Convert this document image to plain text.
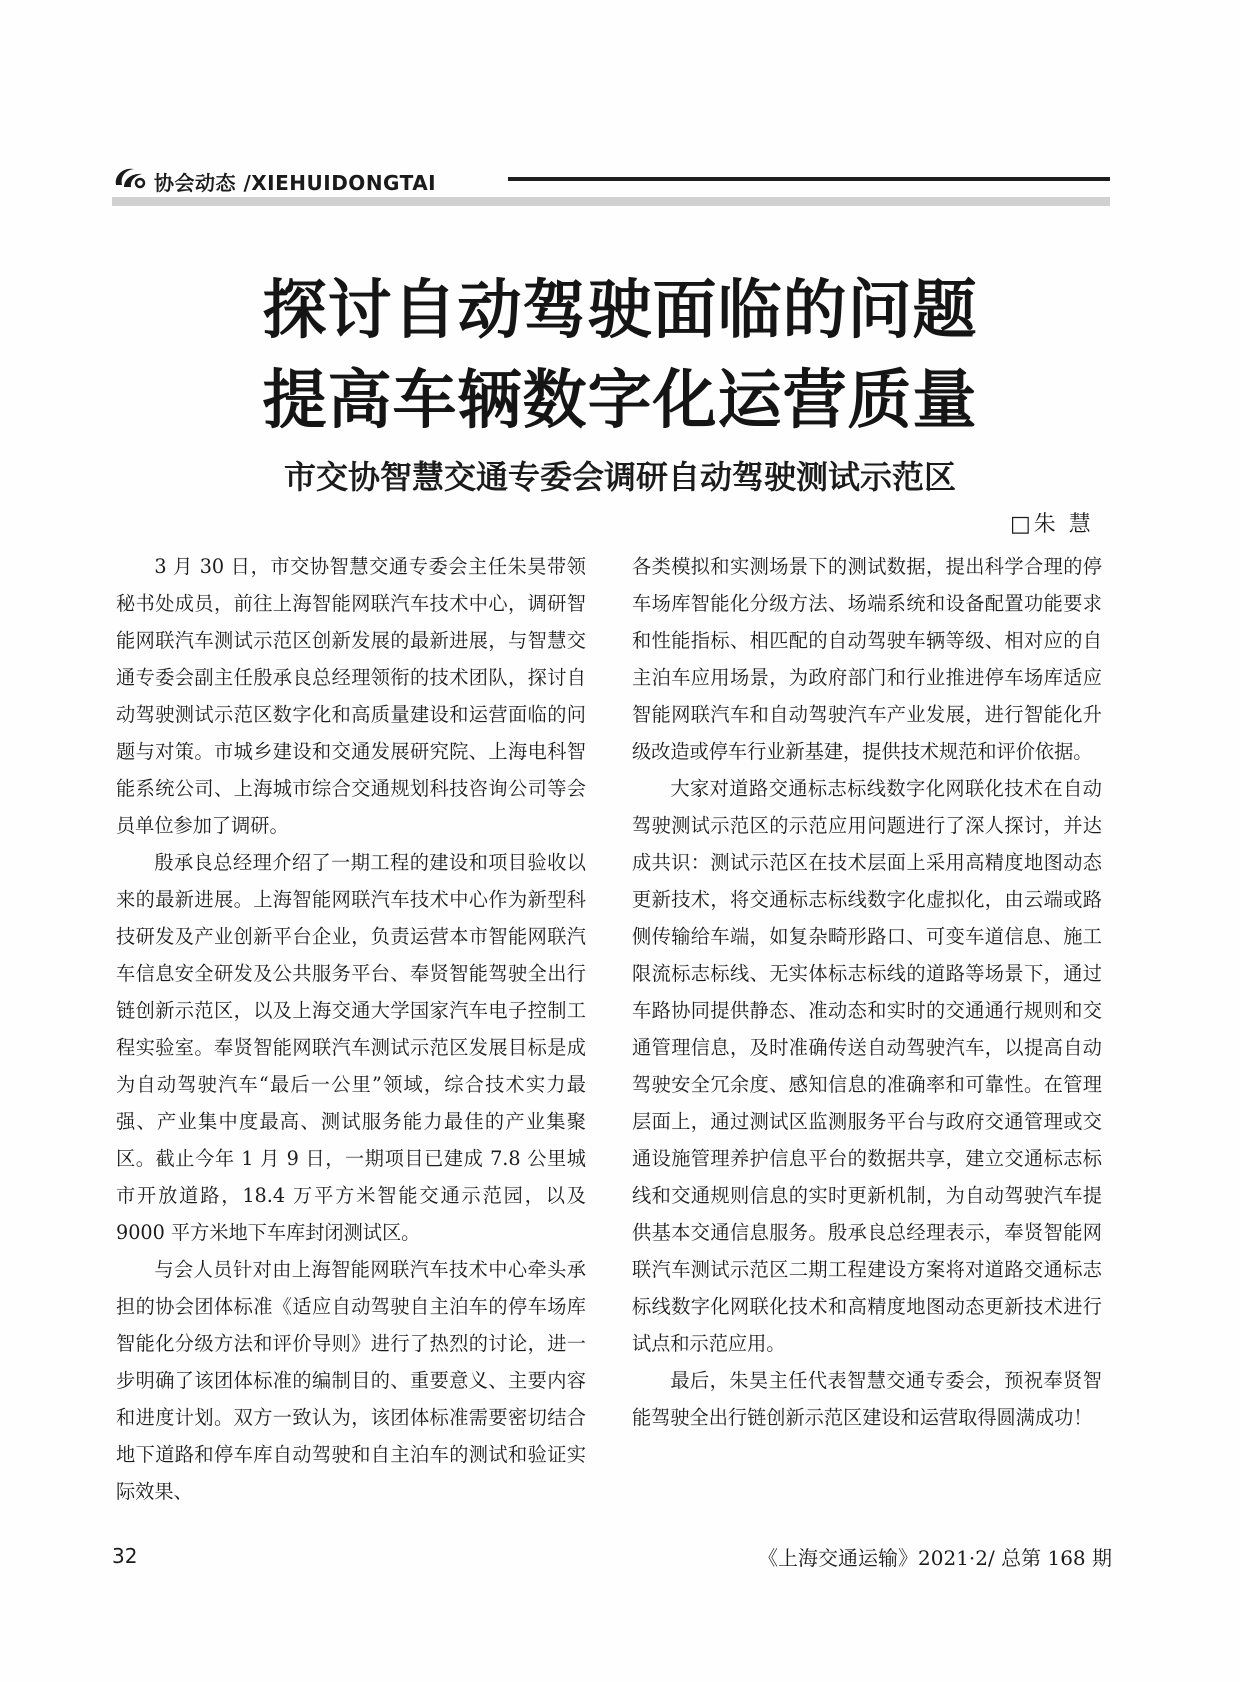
协会动态 /XIEHUIDONGTAI
探讨自动驾驶面临的问题
提高车辆数字化运营质量
市交协智慧交通专委会调研自动驾驶测试示范区
□朱 慧

3 月 30 日，市交协智慧交通专委会主任朱昊带领秘书处成员，前往上海智能网联汽车技术中心，调研智能网联汽车测试示范区创新发展的最新进展，与智慧交通专委会副主任殷承良总经理领衔的技术团队，探讨自动驾驶测试示范区数字化和高质量建设和运营面临的问题与对策。市城乡建设和交通发展研究院、上海电科智能系统公司、上海城市综合交通规划科技咨询公司等会员单位参加了调研。

殷承良总经理介绍了一期工程的建设和项目验收以来的最新进展。上海智能网联汽车技术中心作为新型科技研发及产业创新平台企业，负责运营本市智能网联汽车信息安全研发及公共服务平台、奉贤智能驾驶全出行链创新示范区，以及上海交通大学国家汽车电子控制工程实验室。奉贤智能网联汽车测试示范区发展目标是成为自动驾驶汽车“最后一公里”领域，综合技术实力最强、产业集中度最高、测试服务能力最佳的产业集聚区。截止今年 1 月 9 日，一期项目已建成 7.8 公里城市开放道路，18.4 万平方米智能交通示范园，以及 9000 平方米地下车库封闭测试区。

与会人员针对由上海智能网联汽车技术中心牵头承担的协会团体标准《适应自动驾驶自主泊车的停车场库智能化分级方法和评价导则》进行了热烈的讨论，进一步明确了该团体标准的编制目的、重要意义、主要内容和进度计划。双方一致认为，该团体标准需要密切结合地下道路和停车库自动驾驶和自主泊车的测试和验证实际效果、

各类模拟和实测场景下的测试数据，提出科学合理的停车场库智能化分级方法、场端系统和设备配置功能要求和性能指标、相匹配的自动驾驶车辆等级、相对应的自主泊车应用场景，为政府部门和行业推进停车场库适应智能网联汽车和自动驾驶汽车产业发展，进行智能化升级改造或停车行业新基建，提供技术规范和评价依据。

大家对道路交通标志标线数字化网联化技术在自动驾驶测试示范区的示范应用问题进行了深人探讨，并达成共识：测试示范区在技术层面上采用高精度地图动态更新技术，将交通标志标线数字化虚拟化，由云端或路侧传输给车端，如复杂畸形路口、可变车道信息、施工限流标志标线、无实体标志标线的道路等场景下，通过车路协同提供静态、准动态和实时的交通通行规则和交通管理信息，及时准确传送自动驾驶汽车，以提高自动驾驶安全冗余度、感知信息的准确率和可靠性。在管理层面上，通过测试区监测服务平台与政府交通管理或交通设施管理养护信息平台的数据共享，建立交通标志标线和交通规则信息的实时更新机制，为自动驾驶汽车提供基本交通信息服务。殷承良总经理表示，奉贤智能网联汽车测试示范区二期工程建设方案将对道路交通标志标线数字化网联化技术和高精度地图动态更新技术进行试点和示范应用。

最后，朱昊主任代表智慧交通专委会，预祝奉贤智能驾驶全出行链创新示范区建设和运营取得圆满成功！

32	《上海交通运输》2021·2/ 总第 168 期
